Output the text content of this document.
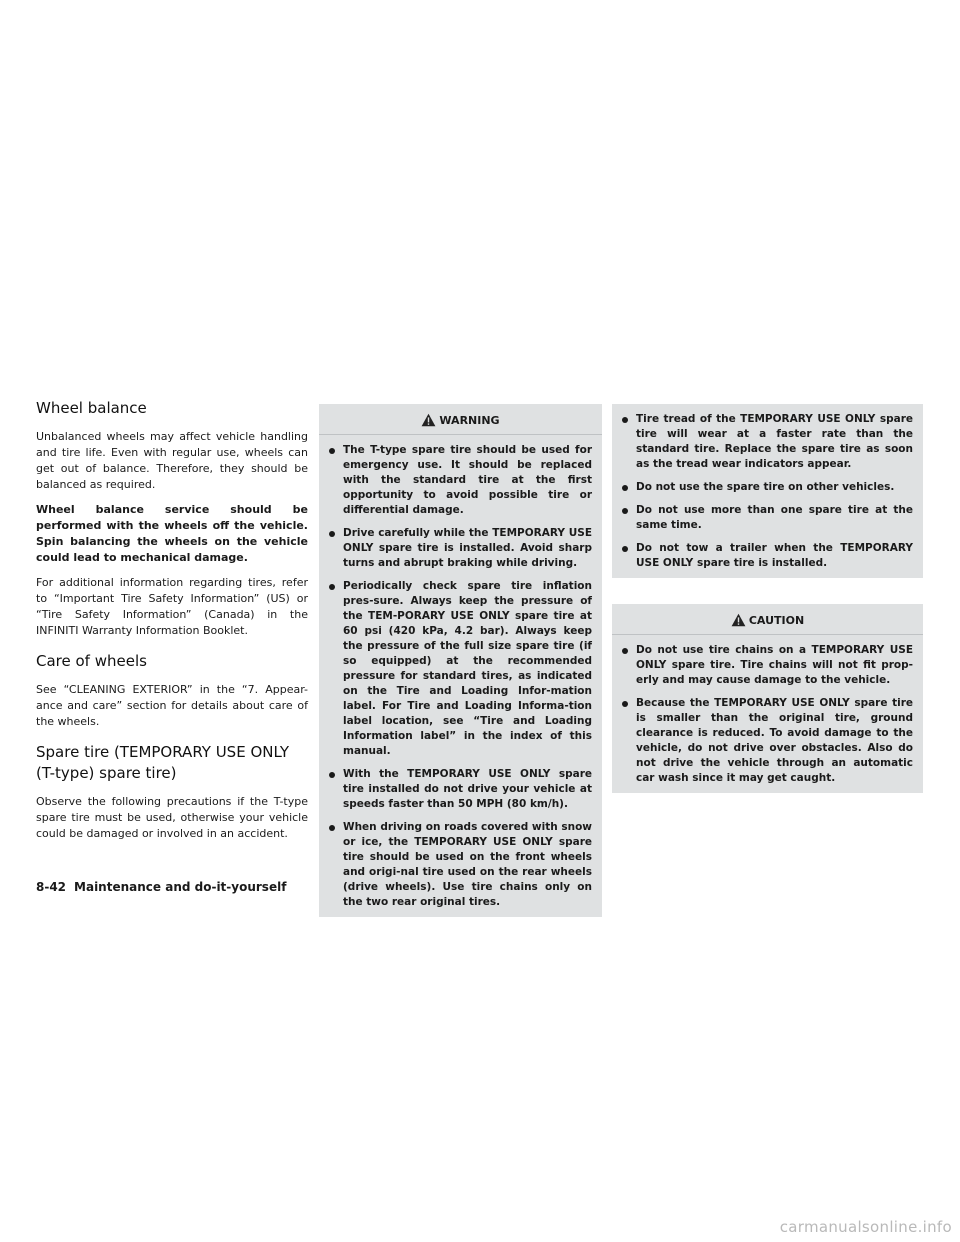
Wheel balance

Unbalanced wheels may affect vehicle handling and tire life. Even with regular use, wheels can get out of balance. Therefore, they should be balanced as required.

Wheel balance service should be performed with the wheels off the vehicle. Spin balancing the wheels on the vehicle could lead to mechanical damage.

For additional information regarding tires, refer to “Important Tire Safety Information” (US) or “Tire Safety Information” (Canada) in the INFINITI Warranty Information Booklet.

Care of wheels

See “CLEANING EXTERIOR” in the “7. Appear-ance and care” section for details about care of the wheels.

Spare tire (TEMPORARY USE ONLY (T-type) spare tire)

Observe the following precautions if the T-type spare tire must be used, otherwise your vehicle could be damaged or involved in an accident.

WARNING
The T-type spare tire should be used for emergency use. It should be replaced with the standard tire at the first opportunity to avoid possible tire or differential damage.
Drive carefully while the TEMPORARY USE ONLY spare tire is installed. Avoid sharp turns and abrupt braking while driving.
Periodically check spare tire inflation pres-sure. Always keep the pressure of the TEM-PORARY USE ONLY spare tire at 60 psi (420 kPa, 4.2 bar). Always keep the pressure of the full size spare tire (if so equipped) at the recommended pressure for standard tires, as indicated on the Tire and Loading Infor-mation label. For Tire and Loading Informa-tion label location, see “Tire and Loading Information label” in the index of this manual.
With the TEMPORARY USE ONLY spare tire installed do not drive your vehicle at speeds faster than 50 MPH (80 km/h).
When driving on roads covered with snow or ice, the TEMPORARY USE ONLY spare tire should be used on the front wheels and origi-nal tire used on the rear wheels (drive wheels). Use tire chains only on the two rear original tires.
Tire tread of the TEMPORARY USE ONLY spare tire will wear at a faster rate than the standard tire. Replace the spare tire as soon as the tread wear indicators appear.
Do not use the spare tire on other vehicles.
Do not use more than one spare tire at the same time.
Do not tow a trailer when the TEMPORARY USE ONLY spare tire is installed.
CAUTION
Do not use tire chains on a TEMPORARY USE ONLY spare tire. Tire chains will not fit prop-erly and may cause damage to the vehicle.
Because the TEMPORARY USE ONLY spare tire is smaller than the original tire, ground clearance is reduced. To avoid damage to the vehicle, do not drive over obstacles. Also do not drive the vehicle through an automatic car wash since it may get caught.
8-42 Maintenance and do-it-yourself
carmanualsonline.info
